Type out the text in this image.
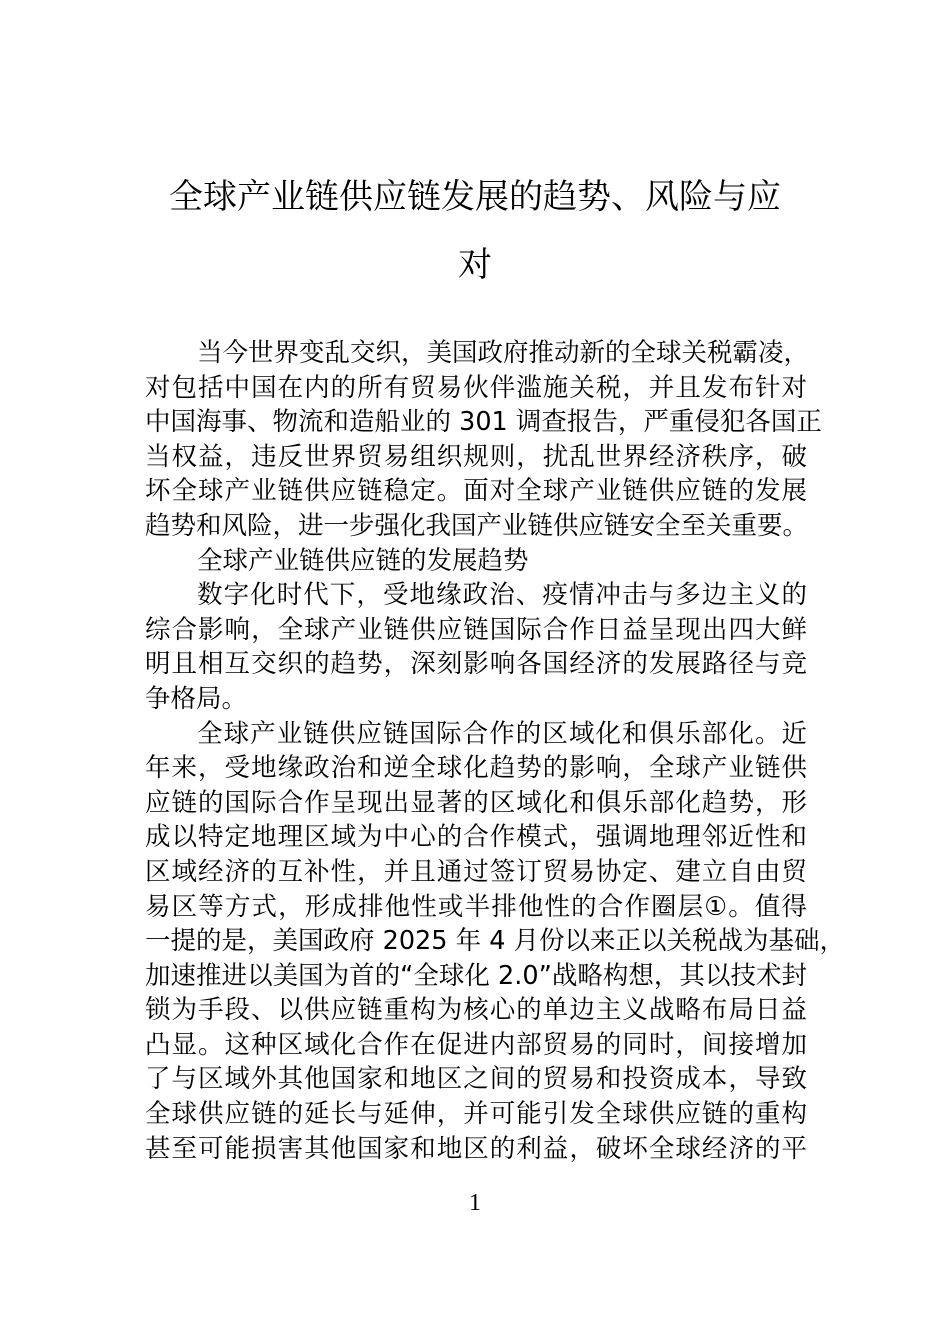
全球产业链供应链发展的趋势、风险与应
对
当今世界变乱交织，美国政府推动新的全球关税霸凌，
对包括中国在内的所有贸易伙伴滥施关税，并且发布针对
中国海事、物流和造船业的 301 调查报告，严重侵犯各国正
当权益，违反世界贸易组织规则，扰乱世界经济秩序，破
坏全球产业链供应链稳定。面对全球产业链供应链的发展
趋势和风险，进一步强化我国产业链供应链安全至关重要。
全球产业链供应链的发展趋势
数字化时代下，受地缘政治、疫情冲击与多边主义的
综合影响，全球产业链供应链国际合作日益呈现出四大鲜
明且相互交织的趋势，深刻影响各国经济的发展路径与竞
争格局。
全球产业链供应链国际合作的区域化和俱乐部化。近
年来，受地缘政治和逆全球化趋势的影响，全球产业链供
应链的国际合作呈现出显著的区域化和俱乐部化趋势，形
成以特定地理区域为中心的合作模式，强调地理邻近性和
区域经济的互补性，并且通过签订贸易协定、建立自由贸
易区等方式，形成排他性或半排他性的合作圈层①。值得
一提的是，美国政府 2025 年 4 月份以来正以关税战为基础，
加速推进以美国为首的“全球化 2.0”战略构想，其以技术封
锁为手段、以供应链重构为核心的单边主义战略布局日益
凸显。这种区域化合作在促进内部贸易的同时，间接增加
了与区域外其他国家和地区之间的贸易和投资成本，导致
全球供应链的延长与延伸，并可能引发全球供应链的重构
甚至可能损害其他国家和地区的利益，破坏全球经济的平
1
